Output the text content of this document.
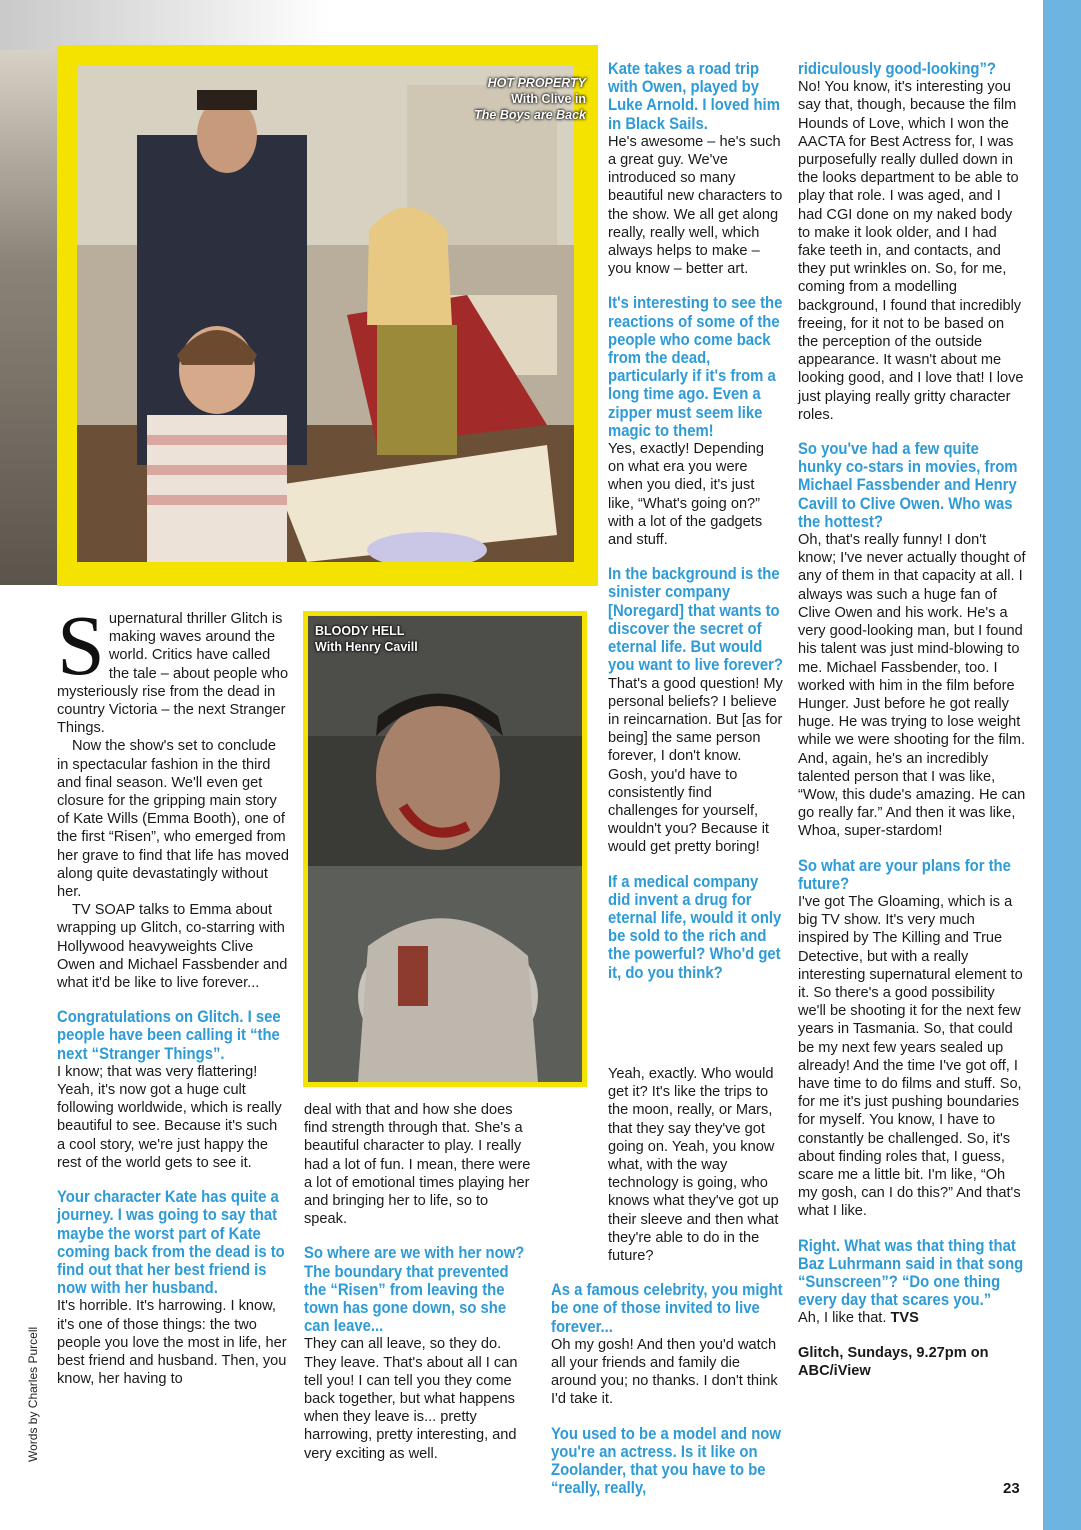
HOT PROPERTY
With Clive in
The Boys are Back
BLOODY HELL
With Henry Cavill

Supernatural thriller Glitch is making waves around the world. Critics have called the tale – about people who mysteriously rise from the dead in country Victoria – the next Stranger Things.

Now the show's set to conclude in spectacular fashion in the third and final season. We'll even get closure for the gripping main story of Kate Wills (Emma Booth), one of the first “Risen”, who emerged from her grave to find that life has moved along quite devastatingly without her.

TV SOAP talks to Emma about wrapping up Glitch, co-starring with Hollywood heavyweights Clive Owen and Michael Fassbender and what it'd be like to live forever...

Congratulations on Glitch. I see people have been calling it “the next “Stranger Things”.

I know; that was very flattering! Yeah, it's now got a huge cult following worldwide, which is really beautiful to see. Because it's such a cool story, we're just happy the rest of the world gets to see it.

Your character Kate has quite a journey. I was going to say that maybe the worst part of Kate coming back from the dead is to find out that her best friend is now with her husband.

It's horrible. It's harrowing. I know, it's one of those things: the two people you love the most in life, her best friend and husband. Then, you know, her having to

deal with that and how she does find strength through that. She's a beautiful character to play. I really had a lot of fun. I mean, there were a lot of emotional times playing her and bringing her to life, so to speak.

So where are we with her now? The boundary that prevented the “Risen” from leaving the town has gone down, so she can leave...

They can all leave, so they do. They leave. That's about all I can tell you! I can tell you they come back together, but what happens when they leave is... pretty harrowing, pretty interesting, and very exciting as well.

Kate takes a road trip with Owen, played by Luke Arnold. I loved him in Black Sails.

He's awesome – he's such a great guy. We've introduced so many beautiful new characters to the show. We all get along really, really well, which always helps to make – you know – better art.

It's interesting to see the reactions of some of the people who come back from the dead, particularly if it's from a long time ago. Even a zipper must seem like magic to them!

Yes, exactly! Depending on what era you were when you died, it's just like, “What's going on?” with a lot of the gadgets and stuff.

In the background is the sinister company [Noregard] that wants to discover the secret of eternal life. But would you want to live forever?

That's a good question! My personal beliefs? I believe in reincarnation. But [as for being] the same person forever, I don't know. Gosh, you'd have to consistently find challenges for yourself, wouldn't you? Because it would get pretty boring!

If a medical company did invent a drug for eternal life, would it only be sold to the rich and the powerful? Who'd get it, do you think?

Yeah, exactly. Who would get it? It's like the trips to the moon, really, or Mars, that they say they've got going on. Yeah, you know what, with the way technology is going, who knows what they've got up their sleeve and then what they're able to do in the future?

As a famous celebrity, you might be one of those invited to live forever...

Oh my gosh! And then you'd watch all your friends and family die around you; no thanks. I don't think I'd take it.

You used to be a model and now you're an actress. Is it like on Zoolander, that you have to be “really, really,

ridiculously good-looking”?

No! You know, it's interesting you say that, though, because the film Hounds of Love, which I won the AACTA for Best Actress for, I was purposefully really dulled down in the looks department to be able to play that role. I was aged, and I had CGI done on my naked body to make it look older, and I had fake teeth in, and contacts, and they put wrinkles on. So, for me, coming from a modelling background, I found that incredibly freeing, for it not to be based on the perception of the outside appearance. It wasn't about me looking good, and I love that! I love just playing really gritty character roles.

So you've had a few quite hunky co-stars in movies, from Michael Fassbender and Henry Cavill to Clive Owen. Who was the hottest?

Oh, that's really funny! I don't know; I've never actually thought of any of them in that capacity at all. I always was such a huge fan of Clive Owen and his work. He's a very good-looking man, but I found his talent was just mind-blowing to me. Michael Fassbender, too. I worked with him in the film before Hunger. Just before he got really huge. He was trying to lose weight while we were shooting for the film. And, again, he's an incredibly talented person that I was like, “Wow, this dude's amazing. He can go really far.” And then it was like, Whoa, super-stardom!

So what are your plans for the future?

I've got The Gloaming, which is a big TV show. It's very much inspired by The Killing and True Detective, but with a really interesting supernatural element to it. So there's a good possibility we'll be shooting it for the next few years in Tasmania. So, that could be my next few years sealed up already! And the time I've got off, I have time to do films and stuff. So, for me it's just pushing boundaries for myself. You know, I have to constantly be challenged. So, it's about finding roles that, I guess, scare me a little bit. I'm like, “Oh my gosh, can I do this?” And that's what I like.

Right. What was that thing that Baz Luhrmann said in that song “Sunscreen”? “Do one thing every day that scares you.”

Ah, I like that. TVS

Glitch, Sundays, 9.27pm on ABC/iView

Words by Charles Purcell
23
